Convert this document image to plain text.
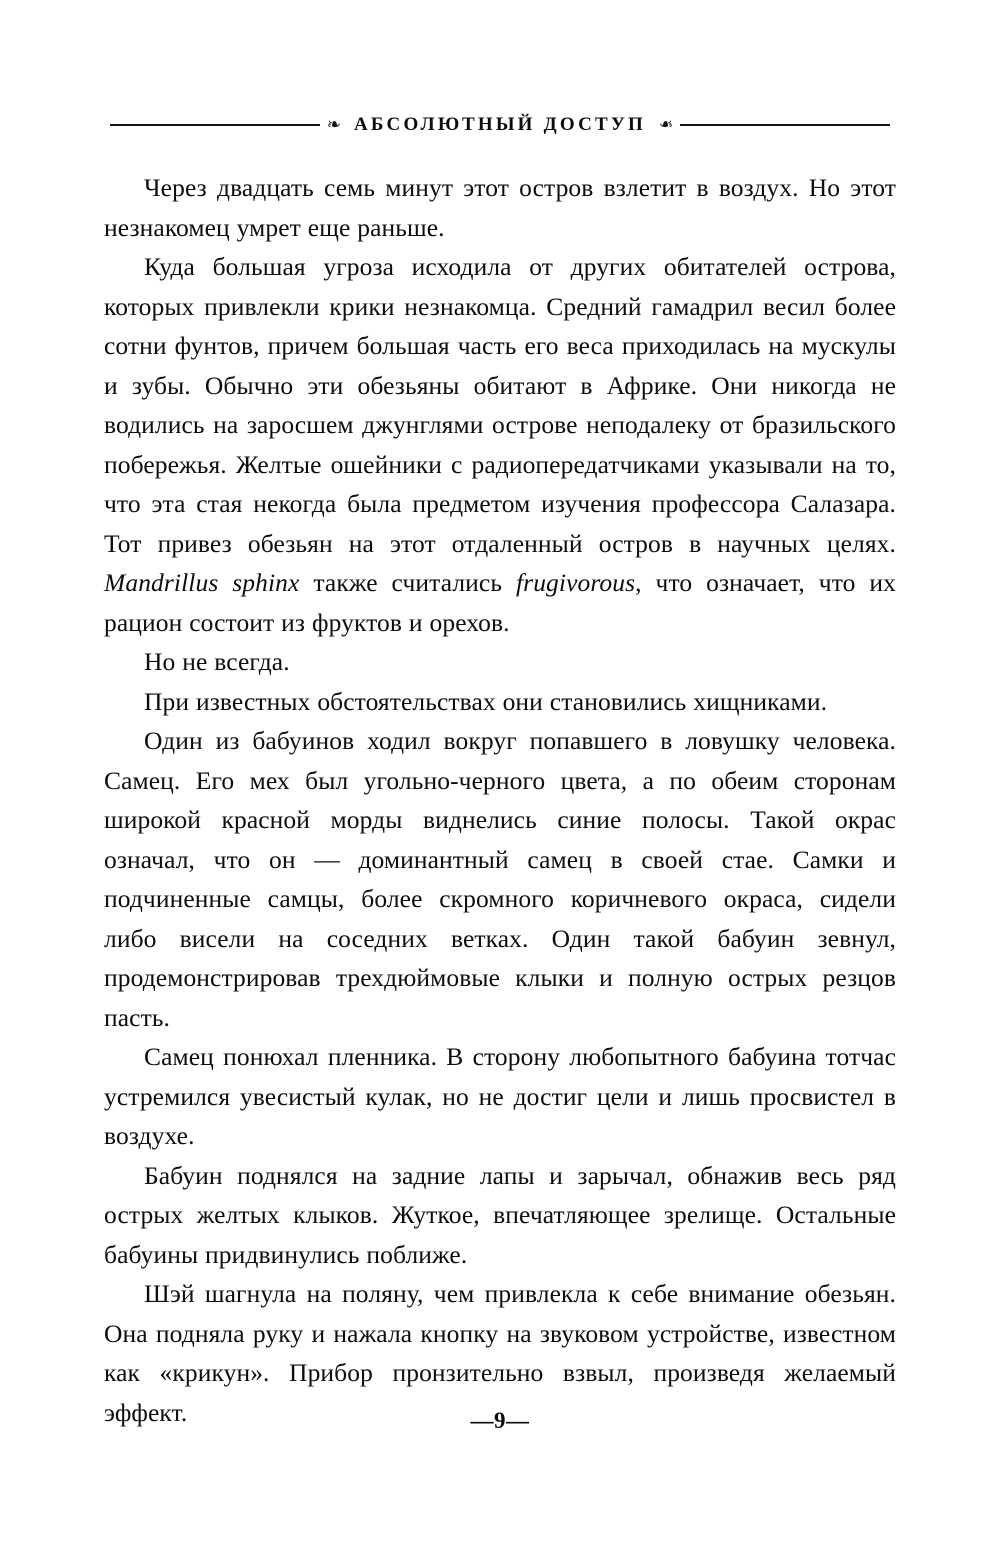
❧ АБСОЛЮТНЫЙ ДОСТУП ❧

Через двадцать семь минут этот остров взлетит в воздух. Но этот незнакомец умрет еще раньше.

Куда большая угроза исходила от других обитателей острова, которых привлекли крики незнакомца. Средний гамадрил весил более сотни фунтов, причем большая часть его веса приходилась на мускулы и зубы. Обычно эти обезьяны обитают в Африке. Они никогда не водились на заросшем джунглями острове неподалеку от бразильского побережья. Желтые ошейники с радиопередатчиками указывали на то, что эта стая некогда была предметом изучения профессора Салазара. Тот привез обезьян на этот отдаленный остров в научных целях. Mandrillus sphinx также считались frugivorous, что означает, что их рацион состоит из фруктов и орехов.

Но не всегда.

При известных обстоятельствах они становились хищниками.

Один из бабуинов ходил вокруг попавшего в ловушку человека. Самец. Его мех был угольно-черного цвета, а по обеим сторонам широкой красной морды виднелись синие полосы. Такой окрас означал, что он — доминантный самец в своей стае. Самки и подчиненные самцы, более скромного коричневого окраса, сидели либо висели на соседних ветках. Один такой бабуин зевнул, продемонстрировав трехдюймовые клыки и полную острых резцов пасть.

Самец понюхал пленника. В сторону любопытного бабуина тотчас устремился увесистый кулак, но не достиг цели и лишь просвистел в воздухе.

Бабуин поднялся на задние лапы и зарычал, обнажив весь ряд острых желтых клыков. Жуткое, впечатляющее зрелище. Остальные бабуины придвинулись поближе.

Шэй шагнула на поляну, чем привлекла к себе внимание обезьян. Она подняла руку и нажала кнопку на звуковом устройстве, известном как «крикун». Прибор пронзительно взвыл, произведя желаемый эффект.	—9—
